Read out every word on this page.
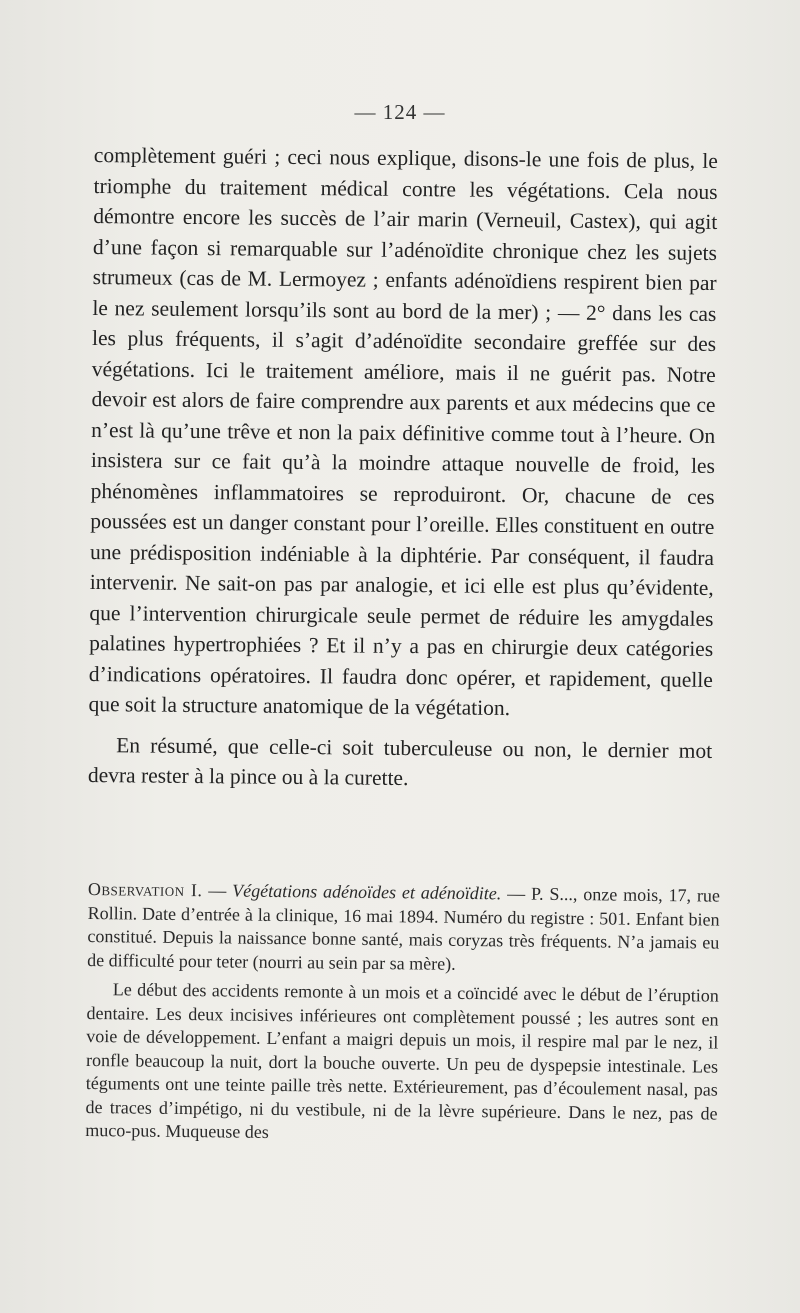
— 124 —

complètement guéri ; ceci nous explique, disons-le une fois de plus, le triomphe du traitement médical contre les végétations. Cela nous démontre encore les succès de l’air marin (Verneuil, Castex), qui agit d’une façon si remarquable sur l’adénoïdite chronique chez les sujets strumeux (cas de M. Lermoyez ; enfants adénoïdiens respirent bien par le nez seulement lorsqu’ils sont au bord de la mer) ; — 2° dans les cas les plus fréquents, il s’agit d’adénoïdite secondaire greffée sur des végétations. Ici le traitement améliore, mais il ne guérit pas. Notre devoir est alors de faire comprendre aux parents et aux médecins que ce n’est là qu’une trêve et non la paix définitive comme tout à l’heure. On insistera sur ce fait qu’à la moindre attaque nouvelle de froid, les phénomènes inflammatoires se reproduiront. Or, chacune de ces poussées est un danger constant pour l’oreille. Elles constituent en outre une prédisposition indéniable à la diphtérie. Par conséquent, il faudra intervenir. Ne sait-on pas par analogie, et ici elle est plus qu’évidente, que l’intervention chirurgicale seule permet de réduire les amygdales palatines hypertrophiées ? Et il n’y a pas en chirurgie deux catégories d’indications opératoires. Il faudra donc opérer, et rapidement, quelle que soit la structure anatomique de la végétation.

En résumé, que celle-ci soit tuberculeuse ou non, le dernier mot devra rester à la pince ou à la curette.

Observation I. — Végétations adénoïdes et adénoïdite. — P. S..., onze mois, 17, rue Rollin. Date d’entrée à la clinique, 16 mai 1894. Numéro du registre : 501. Enfant bien constitué. Depuis la naissance bonne santé, mais coryzas très fréquents. N’a jamais eu de difficulté pour teter (nourri au sein par sa mère).

Le début des accidents remonte à un mois et a coïncidé avec le début de l’éruption dentaire. Les deux incisives inférieures ont complètement poussé ; les autres sont en voie de développement. L’enfant a maigri depuis un mois, il respire mal par le nez, il ronfle beaucoup la nuit, dort la bouche ouverte. Un peu de dyspepsie intestinale. Les téguments ont une teinte paille très nette. Extérieurement, pas d’écoulement nasal, pas de traces d’impétigo, ni du vestibule, ni de la lèvre supérieure. Dans le nez, pas de muco-pus. Muqueuse des
